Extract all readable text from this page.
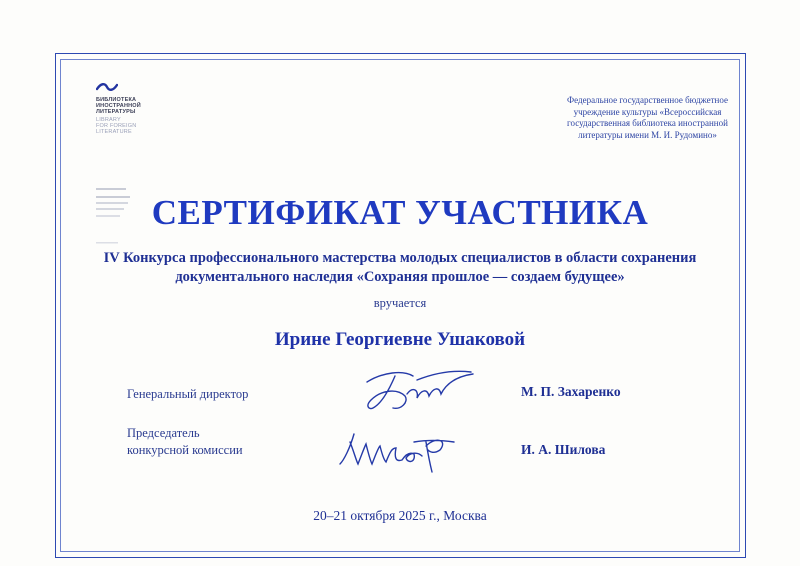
БИБЛИОТЕКА
ИНОСТРАННОЙ
ЛИТЕРАТУРЫ
LIBRARY
FOR FOREIGN
LITERATURE
Федеральное государственное бюджетное
учреждение культуры «Всероссийская
государственная библиотека иностранной
литературы имени М. И. Рудомино»
СЕРТИФИКАТ УЧАСТНИКА
IV Конкурса профессионального мастерства молодых специалистов в области сохранения
документального наследия «Сохраняя прошлое — создаем будущее»
вручается
Ирине Георгиевне Ушаковой
Генеральный директор	М. П. Захаренко
Председатель
конкурсной комиссии	И. А. Шилова
20–21 октября 2025 г., Москва
